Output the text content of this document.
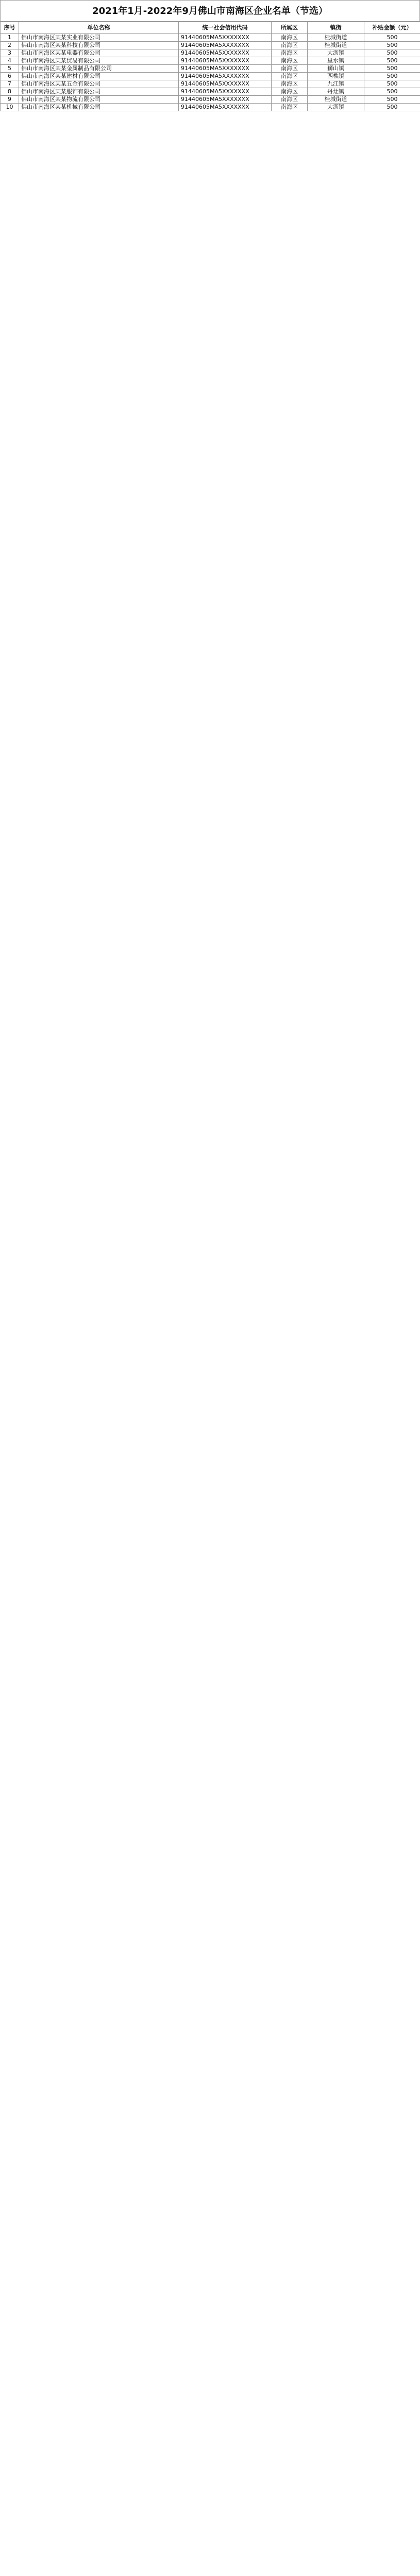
2021年1月-2022年9月佛山市南海区企业名单（节选）
序号	单位名称	统一社会信用代码	所属区	镇街	补贴金额（元）
1	佛山市南海区某某实业有限公司	91440605MA5XXXXXXX	南海区	桂城街道	500
2	佛山市南海区某某科技有限公司	91440605MA5XXXXXXX	南海区	桂城街道	500
3	佛山市南海区某某电器有限公司	91440605MA5XXXXXXX	南海区	大沥镇	500
4	佛山市南海区某某贸易有限公司	91440605MA5XXXXXXX	南海区	里水镇	500
5	佛山市南海区某某金属制品有限公司	91440605MA5XXXXXXX	南海区	狮山镇	500
6	佛山市南海区某某建材有限公司	91440605MA5XXXXXXX	南海区	西樵镇	500
7	佛山市南海区某某五金有限公司	91440605MA5XXXXXXX	南海区	九江镇	500
8	佛山市南海区某某服饰有限公司	91440605MA5XXXXXXX	南海区	丹灶镇	500
9	佛山市南海区某某物流有限公司	91440605MA5XXXXXXX	南海区	桂城街道	500
10	佛山市南海区某某机械有限公司	91440605MA5XXXXXXX	南海区	大沥镇	500
